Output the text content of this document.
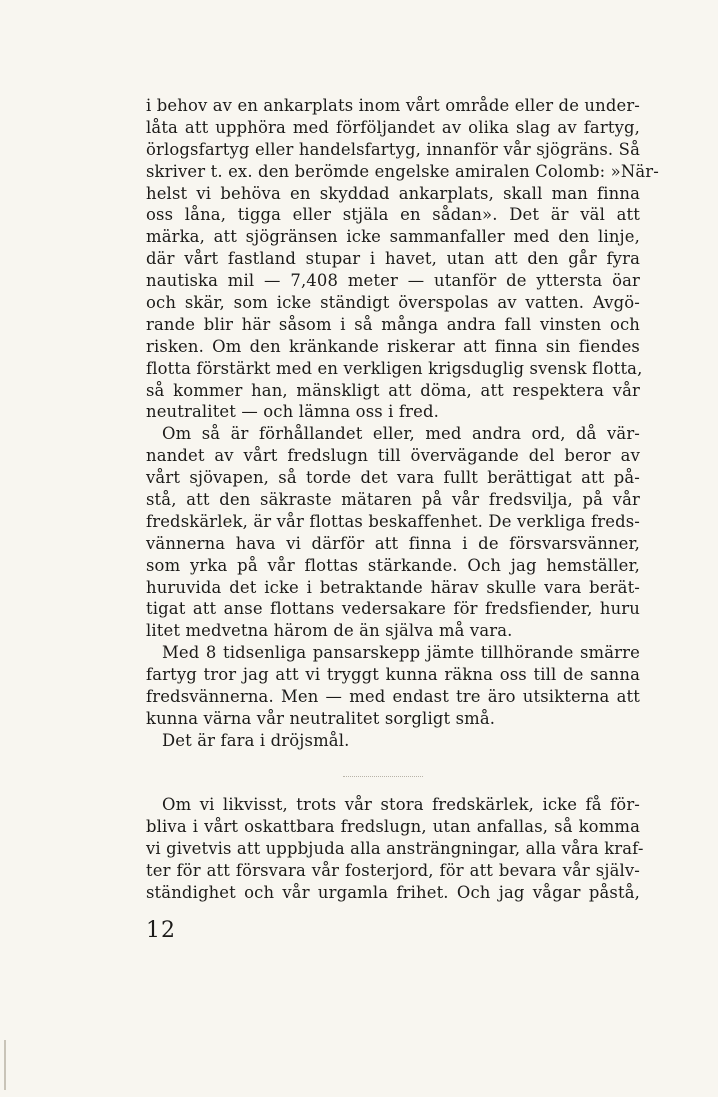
i behov av en ankarplats inom vårt område eller de under-
låta att upphöra med förföljandet av olika slag av fartyg,
örlogsfartyg eller handelsfartyg, innanför vår sjögräns. Så
skriver t. ex. den berömde engelske amiralen Colomb: »När-
helst vi behöva en skyddad ankarplats, skall man finna
oss låna, tigga eller stjäla en sådan». Det är väl att
märka, att sjögränsen icke sammanfaller med den linje,
där vårt fastland stupar i havet, utan att den går fyra
nautiska mil — 7,408 meter — utanför de yttersta öar
och skär, som icke ständigt överspolas av vatten. Avgö-
rande blir här såsom i så många andra fall vinsten och
risken. Om den kränkande riskerar att finna sin fiendes
flotta förstärkt med en verkligen krigsduglig svensk flotta,
så kommer han, mänskligt att döma, att respektera vår
neutralitet — och lämna oss i fred.
Om så är förhållandet eller, med andra ord, då vär-
nandet av vårt fredslugn till övervägande del beror av
vårt sjövapen, så torde det vara fullt berättigat att på-
stå, att den säkraste mätaren på vår fredsvilja, på vår
fredskärlek, är vår flottas beskaffenhet. De verkliga freds-
vännerna hava vi därför att finna i de försvarsvänner,
som yrka på vår flottas stärkande. Och jag hemställer,
huruvida det icke i betraktande härav skulle vara berät-
tigat att anse flottans vedersakare för fredsfiender, huru
litet medvetna härom de än själva må vara.
Med 8 tidsenliga pansarskepp jämte tillhörande smärre
fartyg tror jag att vi tryggt kunna räkna oss till de sanna
fredsvännerna. Men — med endast tre äro utsikterna att
kunna värna vår neutralitet sorgligt små.
Det är fara i dröjsmål.
Om vi likvisst, trots vår stora fredskärlek, icke få för-
bliva i vårt oskattbara fredslugn, utan anfallas, så komma
vi givetvis att uppbjuda alla ansträngningar, alla våra kraf-
ter för att försvara vår fosterjord, för att bevara vår själv-
ständighet och vår urgamla frihet. Och jag vågar påstå,
12
